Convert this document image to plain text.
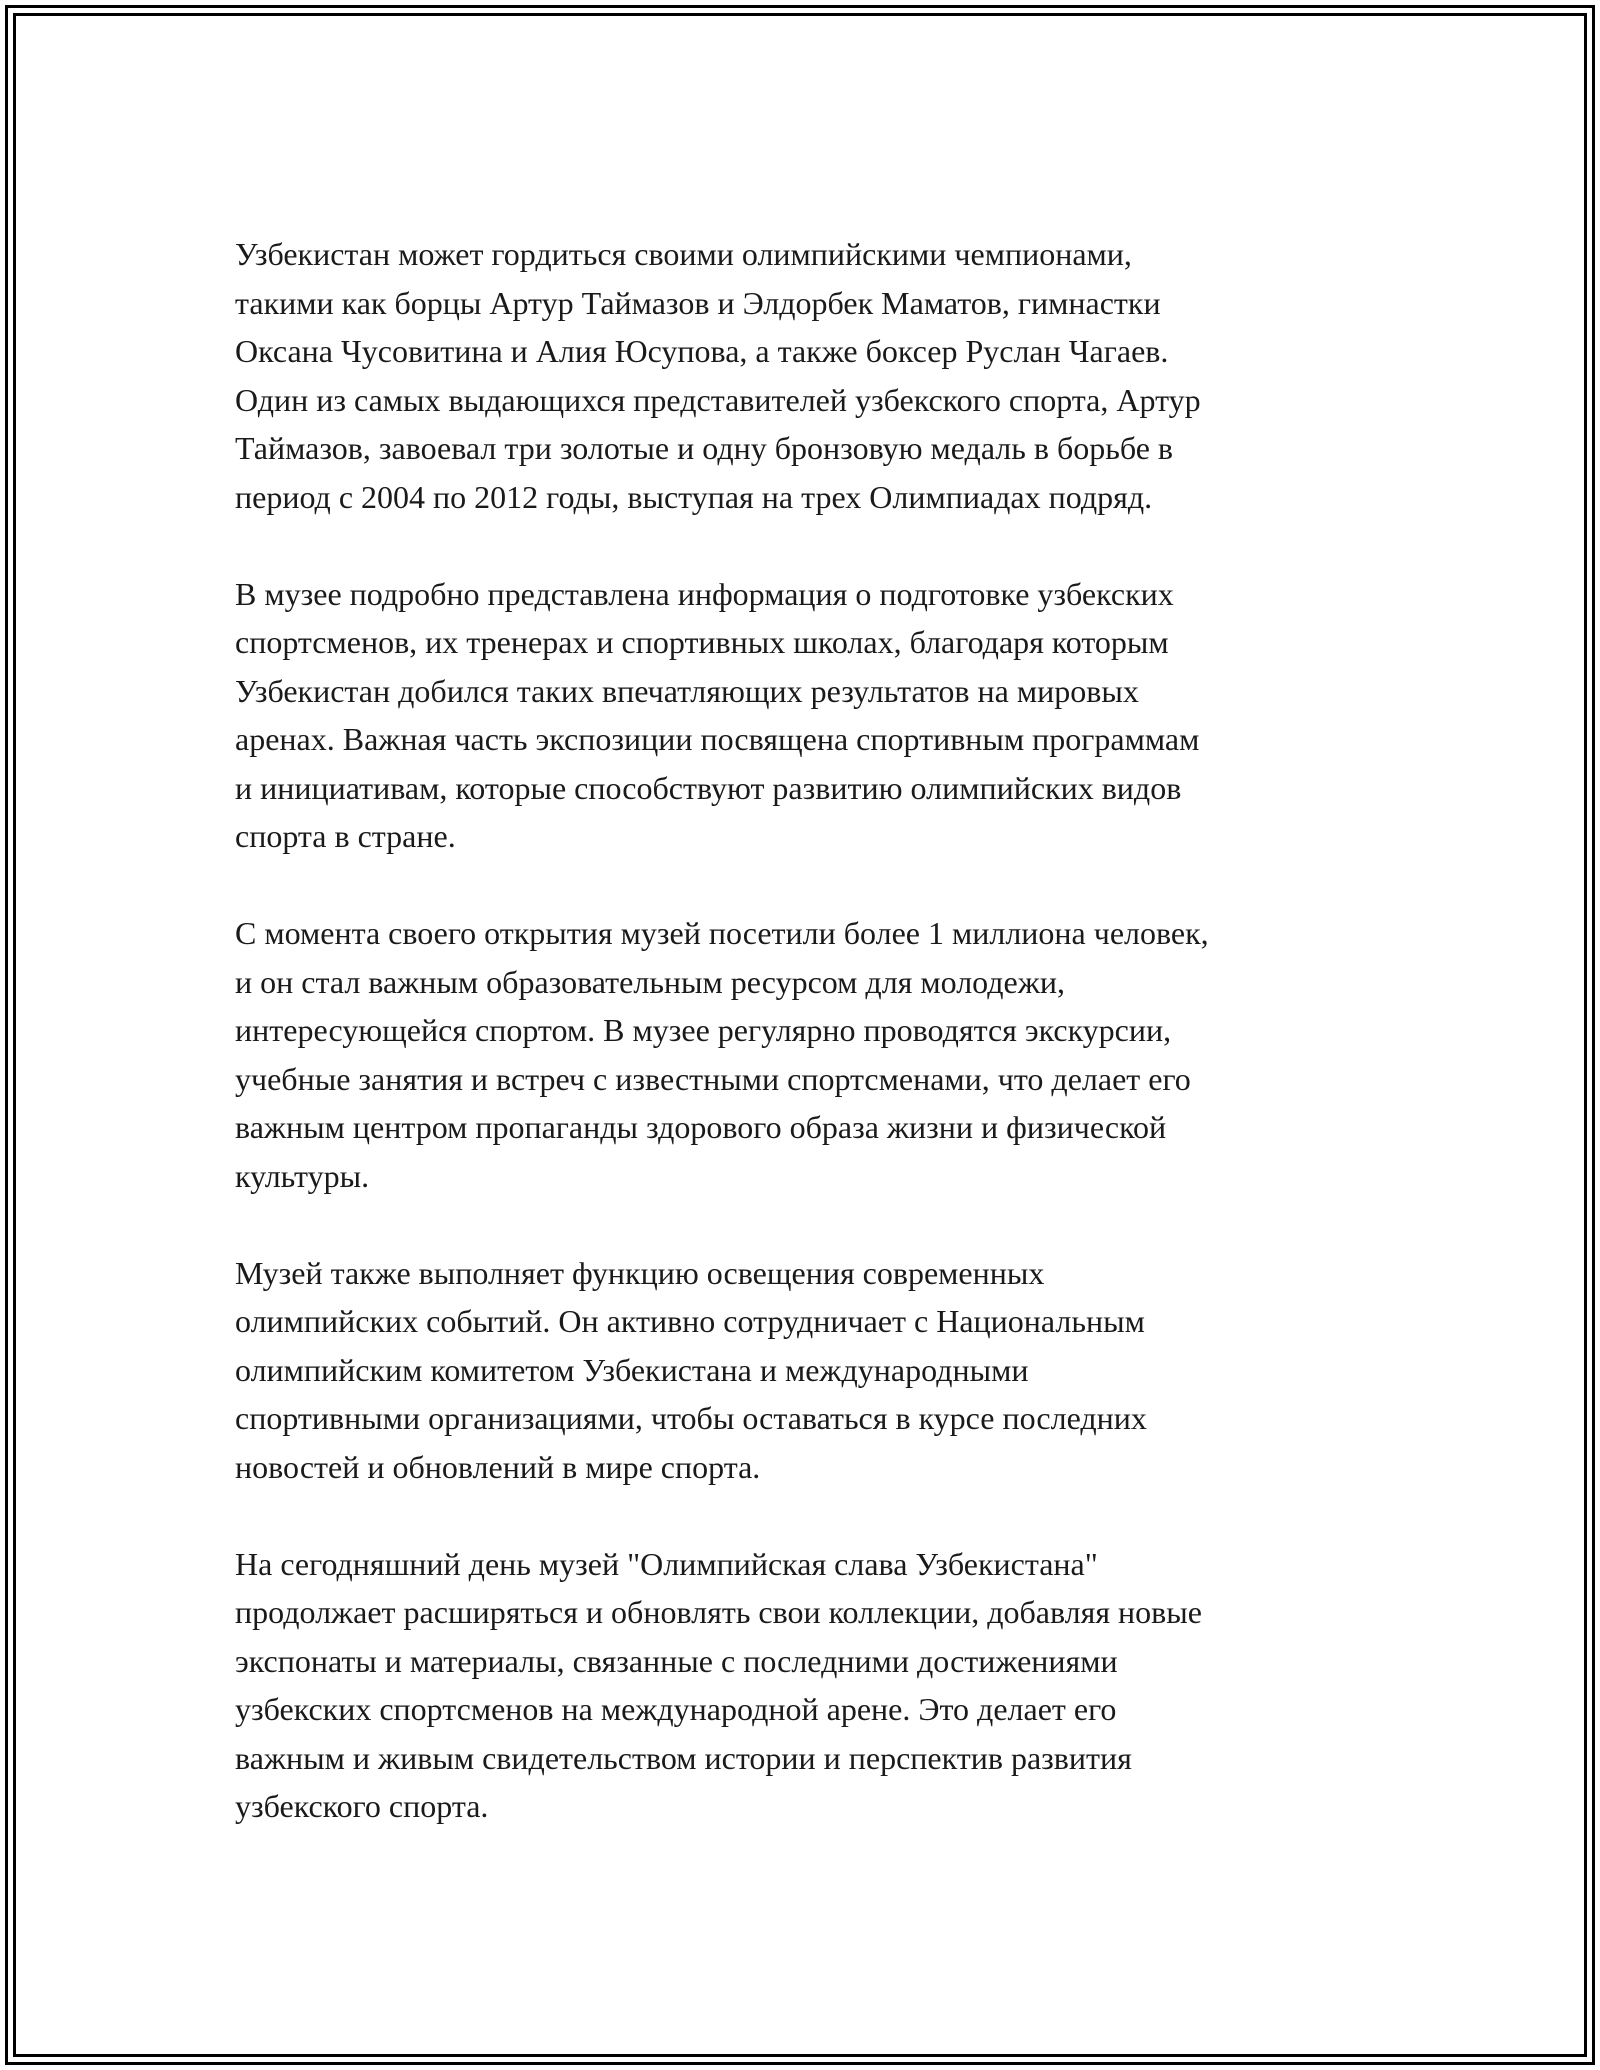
Узбекистан может гордиться своими олимпийскими чемпионами,
такими как борцы Артур Таймазов и Элдорбек Маматов, гимнастки
Оксана Чусовитина и Алия Юсупова, а также боксер Руслан Чагаев.
Один из самых выдающихся представителей узбекского спорта, Артур
Таймазов, завоевал три золотые и одну бронзовую медаль в борьбе в
период с 2004 по 2012 годы, выступая на трех Олимпиадах подряд.

В музее подробно представлена информация о подготовке узбекских
спортсменов, их тренерах и спортивных школах, благодаря которым
Узбекистан добился таких впечатляющих результатов на мировых
аренах. Важная часть экспозиции посвящена спортивным программам
и инициативам, которые способствуют развитию олимпийских видов
спорта в стране.

С момента своего открытия музей посетили более 1 миллиона человек,
и он стал важным образовательным ресурсом для молодежи,
интересующейся спортом. В музее регулярно проводятся экскурсии,
учебные занятия и встреч с известными спортсменами, что делает его
важным центром пропаганды здорового образа жизни и физической
культуры.

Музей также выполняет функцию освещения современных
олимпийских событий. Он активно сотрудничает с Национальным
олимпийским комитетом Узбекистана и международными
спортивными организациями, чтобы оставаться в курсе последних
новостей и обновлений в мире спорта.

На сегодняшний день музей "Олимпийская слава Узбекистана"
продолжает расширяться и обновлять свои коллекции, добавляя новые
экспонаты и материалы, связанные с последними достижениями
узбекских спортсменов на международной арене. Это делает его
важным и живым свидетельством истории и перспектив развития
узбекского спорта.
